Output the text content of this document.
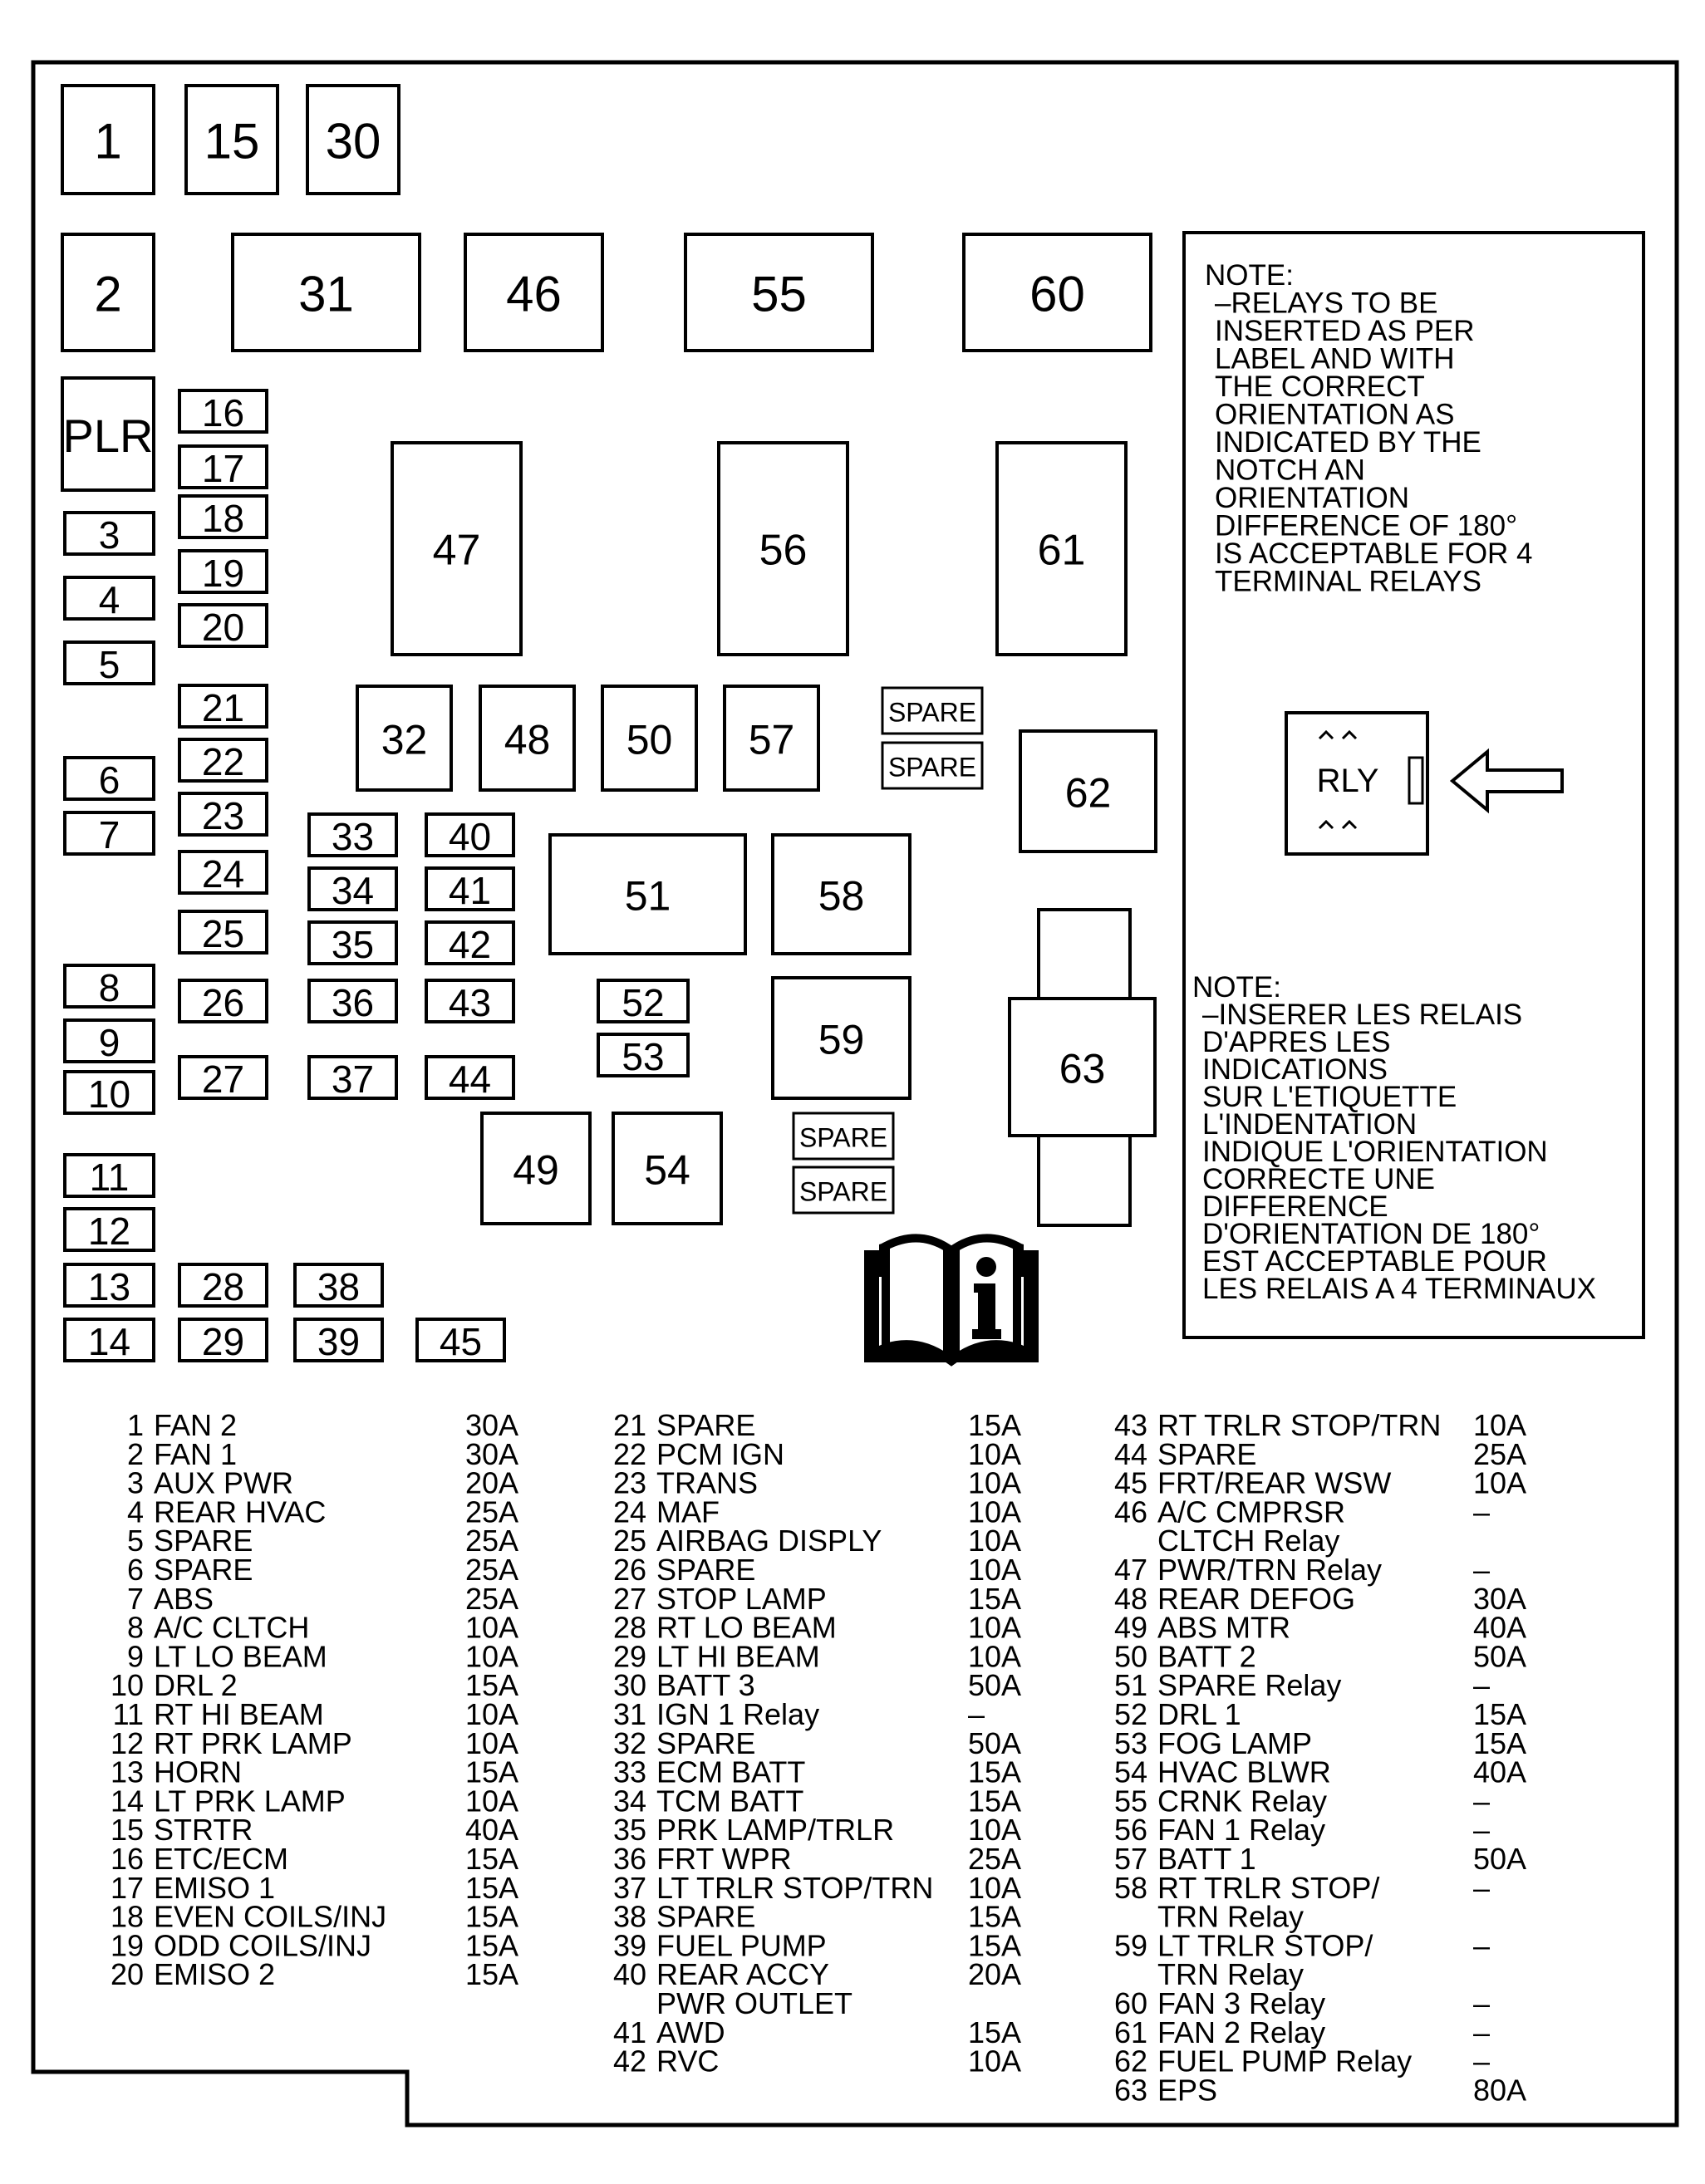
1 15 30
2	31	46	55	60
PLR 16
17
18
19
20
3
4
5
47	56	61
21
22
23
24
25
26
27
6
7
8
9
10
11
12
13
14
32 48 50 57
62
33
34
35
36
37
40
41
42
43
44
51	58
52
53	59
63
49 54
28
29
38
39 45
SPARE
SPARE
SPARE
SPARE
RLY
NOTE:
–RELAYS TO BE
INSERTED AS PER
LABEL AND WITH
THE CORRECT
ORIENTATION AS
INDICATED BY THE
NOTCH AN
ORIENTATION
DIFFERENCE OF 180°
IS ACCEPTABLE FOR 4
TERMINAL RELAYS
NOTE:
–INSERER LES RELAIS
D'APRES LES
INDICATIONS
SUR L'ETIQUETTE
L'INDENTATION
INDIQUE L'ORIENTATION
CORRECTE UNE
DIFFERENCE
D'ORIENTATION DE 180°
EST ACCEPTABLE POUR
LES RELAIS A 4 TERMINAUX
1 FAN 2	30A
2 FAN 1	30A
3 AUX PWR	20A
4 REAR HVAC	25A
5 SPARE	25A
6 SPARE	25A
7 ABS	25A
8 A/C CLTCH	10A
9 LT LO BEAM	10A
10 DRL 2	15A
11 RT HI BEAM	10A
12 RT PRK LAMP	10A
13 HORN	15A
14 LT PRK LAMP	10A
15 STRTR	40A
16 ETC/ECM	15A
17 EMISO 1	15A
18 EVEN COILS/INJ	15A
19 ODD COILS/INJ	15A
20 EMISO 2	15A
21 SPARE	15A
22 PCM IGN	10A
23 TRANS	10A
24 MAF	10A
25 AIRBAG DISPLY	10A
26 SPARE	10A
27 STOP LAMP	15A
28 RT LO BEAM	10A
29 LT HI BEAM	10A
30 BATT 3	50A
31 IGN 1 Relay	–
32 SPARE	50A
33 ECM BATT	15A
34 TCM BATT	15A
35 PRK LAMP/TRLR 10A
36 FRT WPR	25A
37 LT TRLR STOP/TRN 10A
38 SPARE	15A
39 FUEL PUMP	15A
40 REAR ACCY	20A
PWR OUTLET
41 AWD	15A
42 RVC	10A
43 RT TRLR STOP/TRN 10A
44 SPARE	25A
45 FRT/REAR WSW	10A
46 A/C CMPRSR	–
CLTCH Relay
47 PWR/TRN Relay	–
48 REAR DEFOG	30A
49 ABS MTR	40A
50 BATT 2	50A
51 SPARE Relay	–
52 DRL 1	15A
53 FOG LAMP	15A
54 HVAC BLWR	40A
55 CRNK Relay	–
56 FAN 1 Relay	–
57 BATT 1	50A
58 RT TRLR STOP/	–
TRN Relay
59 LT TRLR STOP/	–
TRN Relay
60 FAN 3 Relay	–
61 FAN 2 Relay	–
62 FUEL PUMP Relay –
63 EPS	80A
